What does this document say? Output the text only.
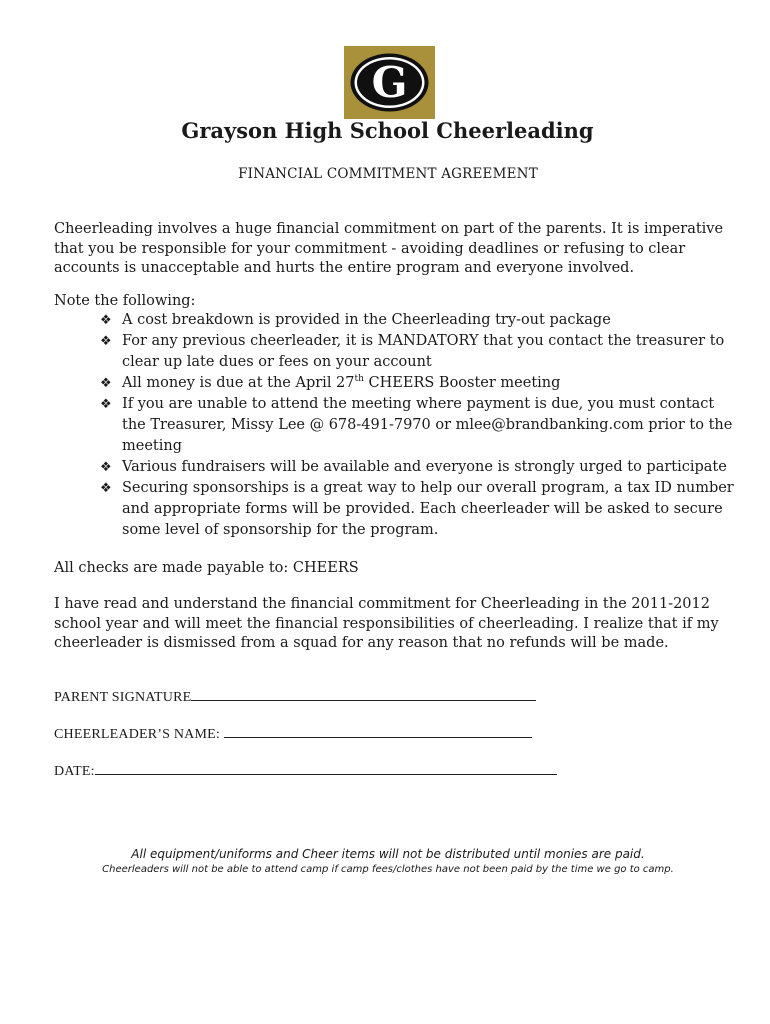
G
Grayson High School Cheerleading
FINANCIAL COMMITMENT AGREEMENT

Cheerleading involves a huge financial commitment on part of the parents. It is imperative that you be responsible for your commitment - avoiding deadlines or refusing to clear accounts is unacceptable and hurts the entire program and everyone involved.

Note the following:

❖ A cost breakdown is provided in the Cheerleading try-out package
❖ For any previous cheerleader, it is MANDATORY that you contact the treasurer to clear up late dues or fees on your account
❖ All money is due at the April 27th CHEERS Booster meeting
❖ If you are unable to attend the meeting where payment is due, you must contact the Treasurer, Missy Lee @ 678-491-7970 or mlee@brandbanking.com prior to the meeting
❖ Various fundraisers will be available and everyone is strongly urged to participate
❖ Securing sponsorships is a great way to help our overall program, a tax ID number and appropriate forms will be provided. Each cheerleader will be asked to secure some level of sponsorship for the program.

All checks are made payable to: CHEERS

I have read and understand the financial commitment for Cheerleading in the 2011-2012 school year and will meet the financial responsibilities of cheerleading. I realize that if my cheerleader is dismissed from a squad for any reason that no refunds will be made.

PARENT SIGNATURE
CHEERLEADER’S NAME:
DATE:
All equipment/uniforms and Cheer items will not be distributed until monies are paid.
Cheerleaders will not be able to attend camp if camp fees/clothes have not been paid by the time we go to camp.
